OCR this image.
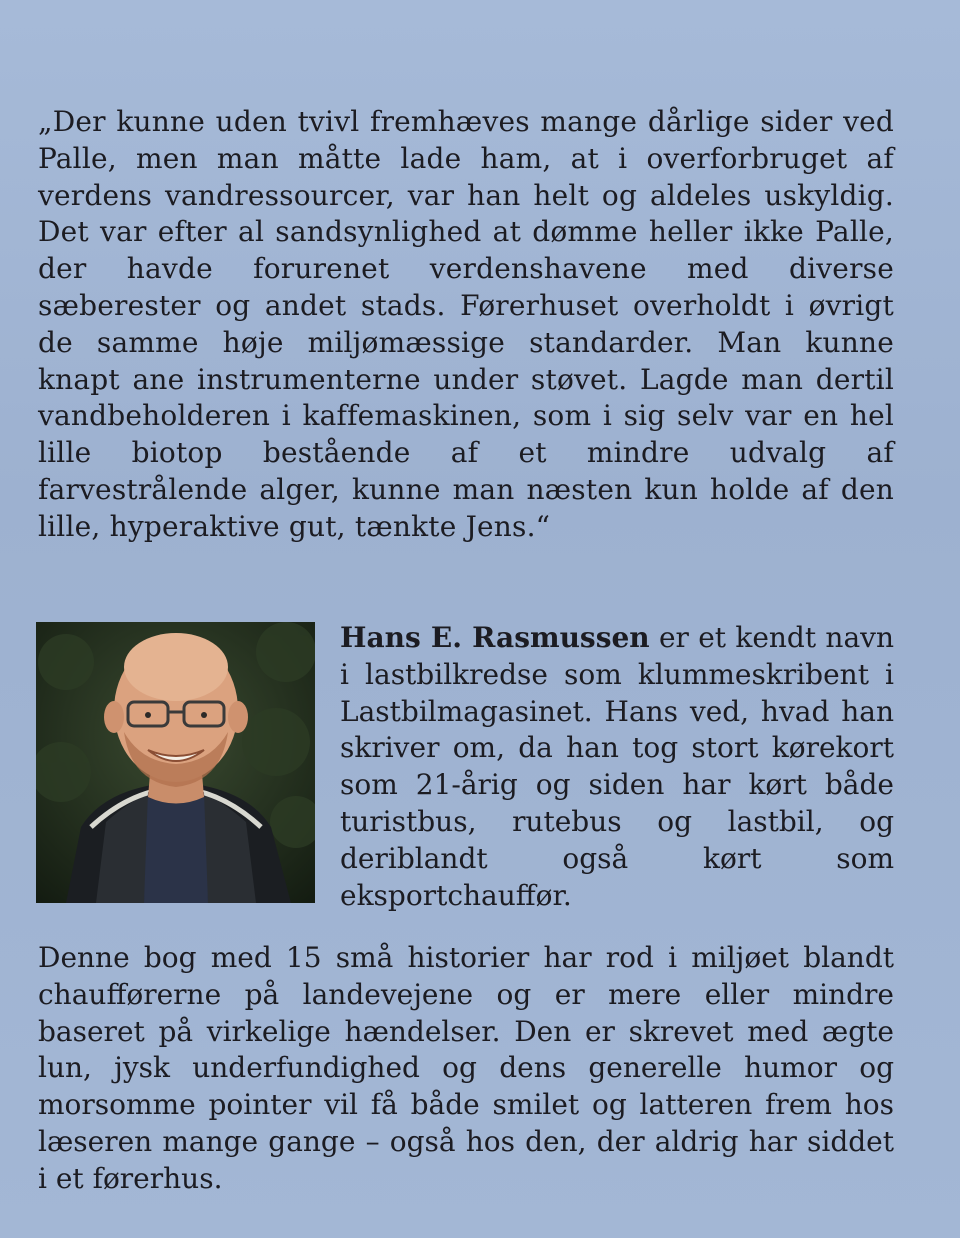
„Der kunne uden tvivl fremhæves mange dårlige sider ved Palle, men man måtte lade ham, at i overforbruget af verdens vandressourcer, var han helt og aldeles uskyldig. Det var efter al sandsynlighed at dømme heller ikke Palle, der havde forurenet verdenshavene med diverse sæberester og andet stads. Førerhuset overholdt i øvrigt de samme høje miljømæssige standarder. Man kunne knapt ane instrumenterne under støvet. Lagde man dertil vandbeholderen i kaffemaskinen, som i sig selv var en hel lille biotop bestående af et mindre udvalg af farvestrålende alger, kunne man næsten kun holde af den lille, hyperaktive gut, tænkte Jens.“

Hans E. Rasmussen er et kendt navn i lastbilkredse som klummeskribent i Lastbilmagasinet. Hans ved, hvad han skriver om, da han tog stort kørekort som 21-årig og siden har kørt både turistbus, rutebus og lastbil, og deriblandt også kørt som eksportchauffør.

Denne bog med 15 små historier har rod i miljøet blandt chaufførerne på landevejene og er mere eller mindre baseret på virkelige hændelser. Den er skrevet med ægte lun, jysk underfundighed og dens generelle humor og morsomme pointer vil få både smilet og latteren frem hos læseren mange gange – også hos den, der aldrig har siddet i et førerhus.
